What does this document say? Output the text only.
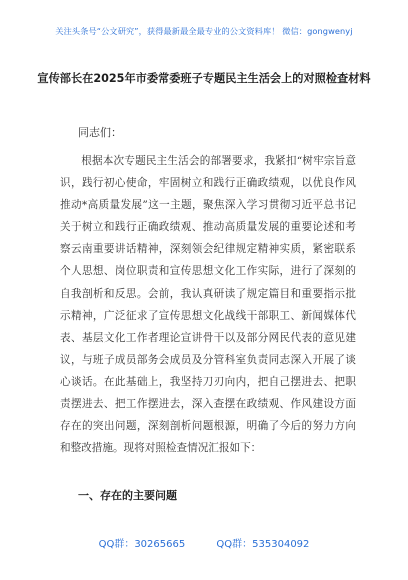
关注头条号“公文研究”，获得最新最全最专业的公文资料库！ 微信：gongwenyj
宣传部长在2025年市委常委班子专题民主生活会上的对照检查材料
同志们：
根据本次专题民主生活会的部署要求，我紧扣“树牢宗旨意识，践行初心使命，牢固树立和践行正确政绩观，以优良作风推动*高质量发展”这一主题，聚焦深入学习贯彻习近平总书记关于树立和践行正确政绩观、推动高质量发展的重要论述和考察云南重要讲话精神，深刻领会纪律规定精神实质，紧密联系个人思想、岗位职责和宣传思想文化工作实际，进行了深刻的自我剖析和反思。会前，我认真研读了规定篇目和重要指示批示精神，广泛征求了宣传思想文化战线干部职工、新闻媒体代表、基层文化工作者理论宣讲骨干以及部分网民代表的意见建议，与班子成员部务会成员及分管科室负责同志深入开展了谈心谈话。在此基础上，我坚持刀刃向内，把自己摆进去、把职责摆进去、把工作摆进去，深入查摆在政绩观、作风建设方面存在的突出问题，深刻剖析问题根源，明确了今后的努力方向和整改措施。现将对照检查情况汇报如下：
一、存在的主要问题
QQ群：30265665	QQ群：535304092
